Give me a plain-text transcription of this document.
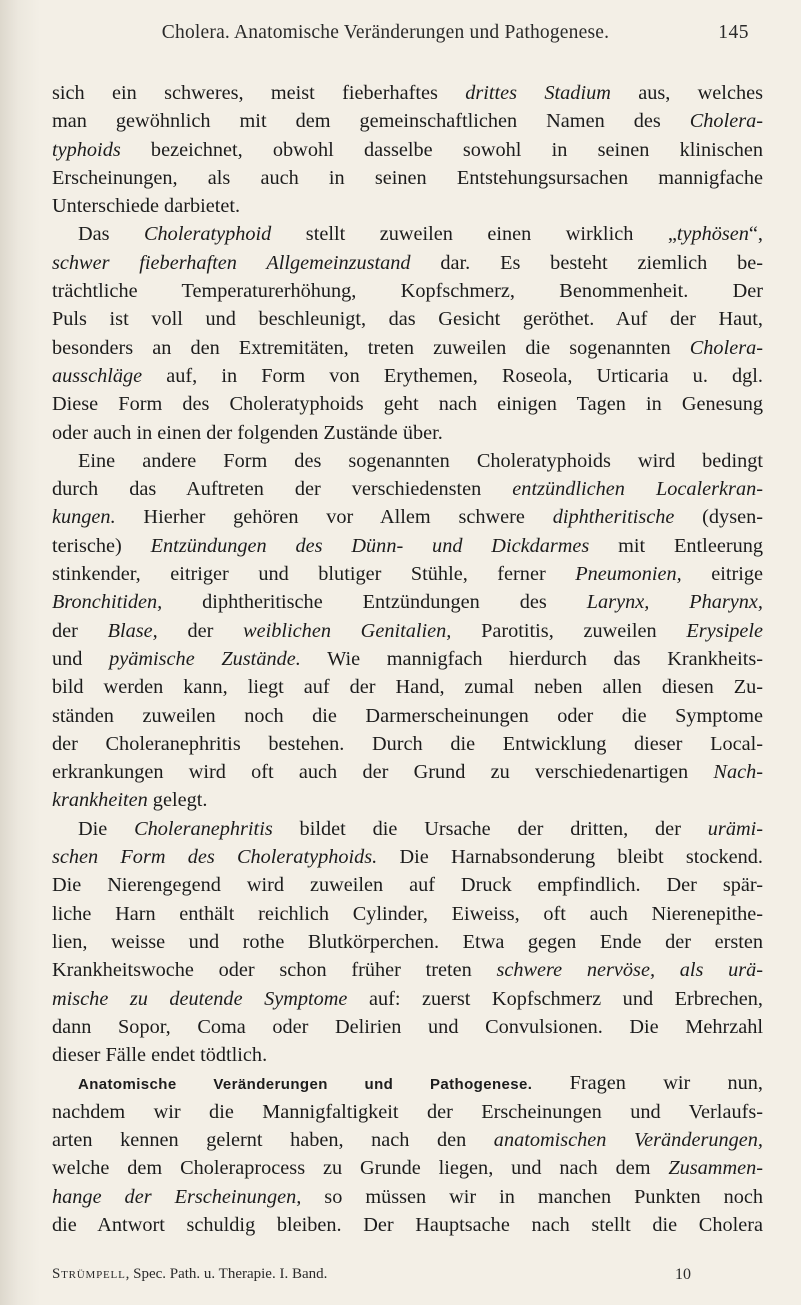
Cholera. Anatomische Veränderungen und Pathogenese.	145
sich ein schweres, meist fieberhaftes drittes Stadium aus, welches
man gewöhnlich mit dem gemeinschaftlichen Namen des Cholera-
typhoids bezeichnet, obwohl dasselbe sowohl in seinen klinischen
Erscheinungen, als auch in seinen Entstehungsursachen mannigfache
Unterschiede darbietet.
Das Choleratyphoid stellt zuweilen einen wirklich „typhösen“,
schwer fieberhaften Allgemeinzustand dar. Es besteht ziemlich be-
trächtliche Temperaturerhöhung, Kopfschmerz, Benommenheit. Der
Puls ist voll und beschleunigt, das Gesicht geröthet. Auf der Haut,
besonders an den Extremitäten, treten zuweilen die sogenannten Cholera-
ausschläge auf, in Form von Erythemen, Roseola, Urticaria u. dgl.
Diese Form des Choleratyphoids geht nach einigen Tagen in Genesung
oder auch in einen der folgenden Zustände über.
Eine andere Form des sogenannten Choleratyphoids wird bedingt
durch das Auftreten der verschiedensten entzündlichen Localerkran-
kungen. Hierher gehören vor Allem schwere diphtheritische (dysen-
terische) Entzündungen des Dünn- und Dickdarmes mit Entleerung
stinkender, eitriger und blutiger Stühle, ferner Pneumonien, eitrige
Bronchitiden, diphtheritische Entzündungen des Larynx, Pharynx,
der Blase, der weiblichen Genitalien, Parotitis, zuweilen Erysipele
und pyämische Zustände. Wie mannigfach hierdurch das Krankheits-
bild werden kann, liegt auf der Hand, zumal neben allen diesen Zu-
ständen zuweilen noch die Darmerscheinungen oder die Symptome
der Choleranephritis bestehen. Durch die Entwicklung dieser Local-
erkrankungen wird oft auch der Grund zu verschiedenartigen Nach-
krankheiten gelegt.
Die Choleranephritis bildet die Ursache der dritten, der urämi-
schen Form des Choleratyphoids. Die Harnabsonderung bleibt stockend.
Die Nierengegend wird zuweilen auf Druck empfindlich. Der spär-
liche Harn enthält reichlich Cylinder, Eiweiss, oft auch Nierenepithe-
lien, weisse und rothe Blutkörperchen. Etwa gegen Ende der ersten
Krankheitswoche oder schon früher treten schwere nervöse, als urä-
mische zu deutende Symptome auf: zuerst Kopfschmerz und Erbrechen,
dann Sopor, Coma oder Delirien und Convulsionen. Die Mehrzahl
dieser Fälle endet tödtlich.
Anatomische Veränderungen und Pathogenese. Fragen wir nun,
nachdem wir die Mannigfaltigkeit der Erscheinungen und Verlaufs-
arten kennen gelernt haben, nach den anatomischen Veränderungen,
welche dem Choleraprocess zu Grunde liegen, und nach dem Zusammen-
hange der Erscheinungen, so müssen wir in manchen Punkten noch
die Antwort schuldig bleiben. Der Hauptsache nach stellt die Cholera
Strümpell, Spec. Path. u. Therapie. I. Band.	10
